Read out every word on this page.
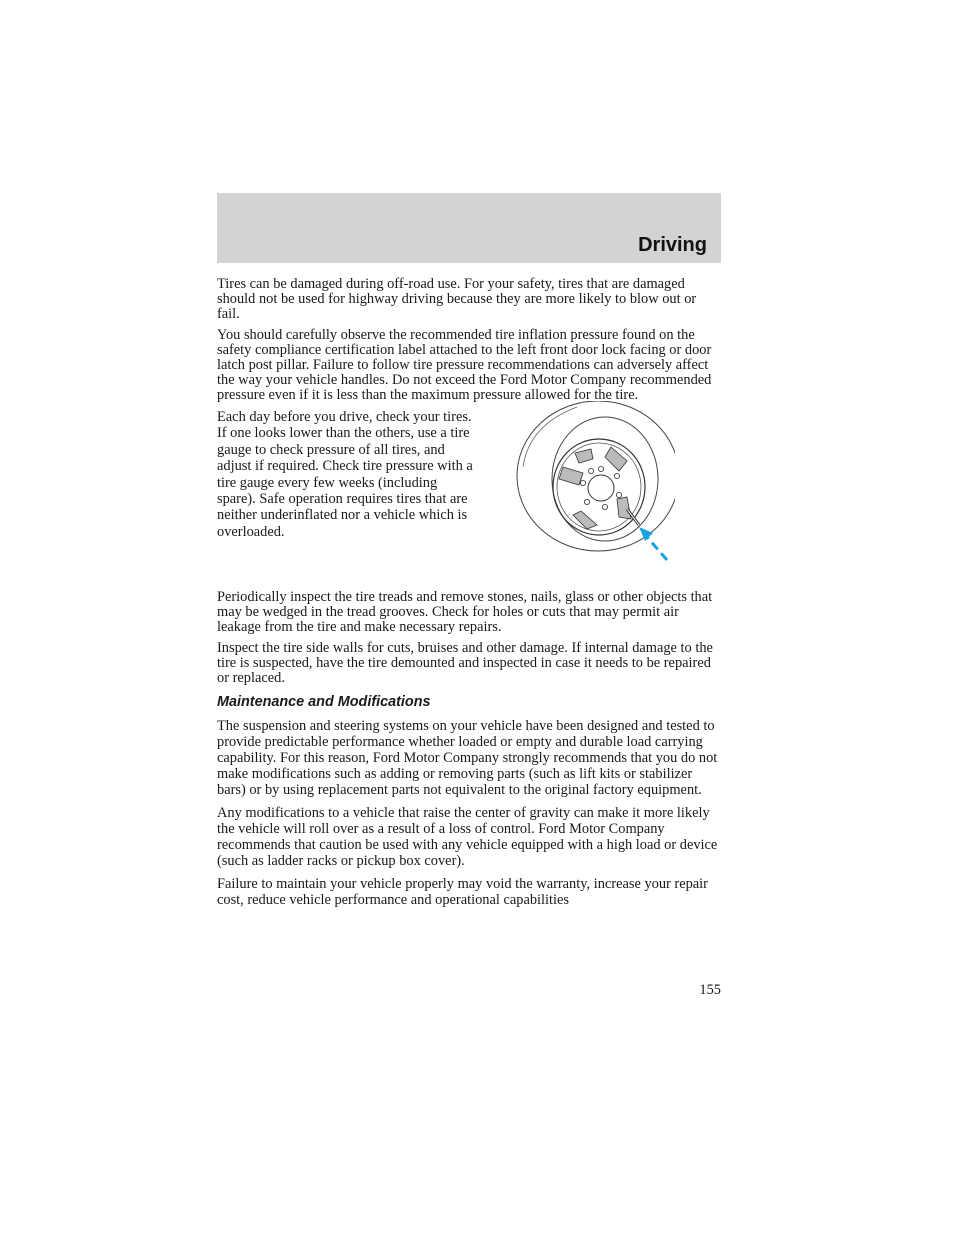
Driving

Tires can be damaged during off-road use. For your safety, tires that are damaged should not be used for highway driving because they are more likely to blow out or fail.

You should carefully observe the recommended tire inflation pressure found on the safety compliance certification label attached to the left front door lock facing or door latch post pillar. Failure to follow tire pressure recommendations can adversely affect the way your vehicle handles. Do not exceed the Ford Motor Company recommended pressure even if it is less than the maximum pressure allowed for the tire.

Each day before you drive, check your tires. If one looks lower than the others, use a tire gauge to check pressure of all tires, and adjust if required. Check tire pressure with a tire gauge every few weeks (including spare). Safe operation requires tires that are neither underinflated nor a vehicle which is overloaded.

Periodically inspect the tire treads and remove stones, nails, glass or other objects that may be wedged in the tread grooves. Check for holes or cuts that may permit air leakage from the tire and make necessary repairs.

Inspect the tire side walls for cuts, bruises and other damage. If internal damage to the tire is suspected, have the tire demounted and inspected in case it needs to be repaired or replaced.

Maintenance and Modifications

The suspension and steering systems on your vehicle have been designed and tested to provide predictable performance whether loaded or empty and durable load carrying capability. For this reason, Ford Motor Company strongly recommends that you do not make modifications such as adding or removing parts (such as lift kits or stabilizer bars) or by using replacement parts not equivalent to the original factory equipment.

Any modifications to a vehicle that raise the center of gravity can make it more likely the vehicle will roll over as a result of a loss of control. Ford Motor Company recommends that caution be used with any vehicle equipped with a high load or device (such as ladder racks or pickup box cover).

Failure to maintain your vehicle properly may void the warranty, increase your repair cost, reduce vehicle performance and operational capabilities

155
